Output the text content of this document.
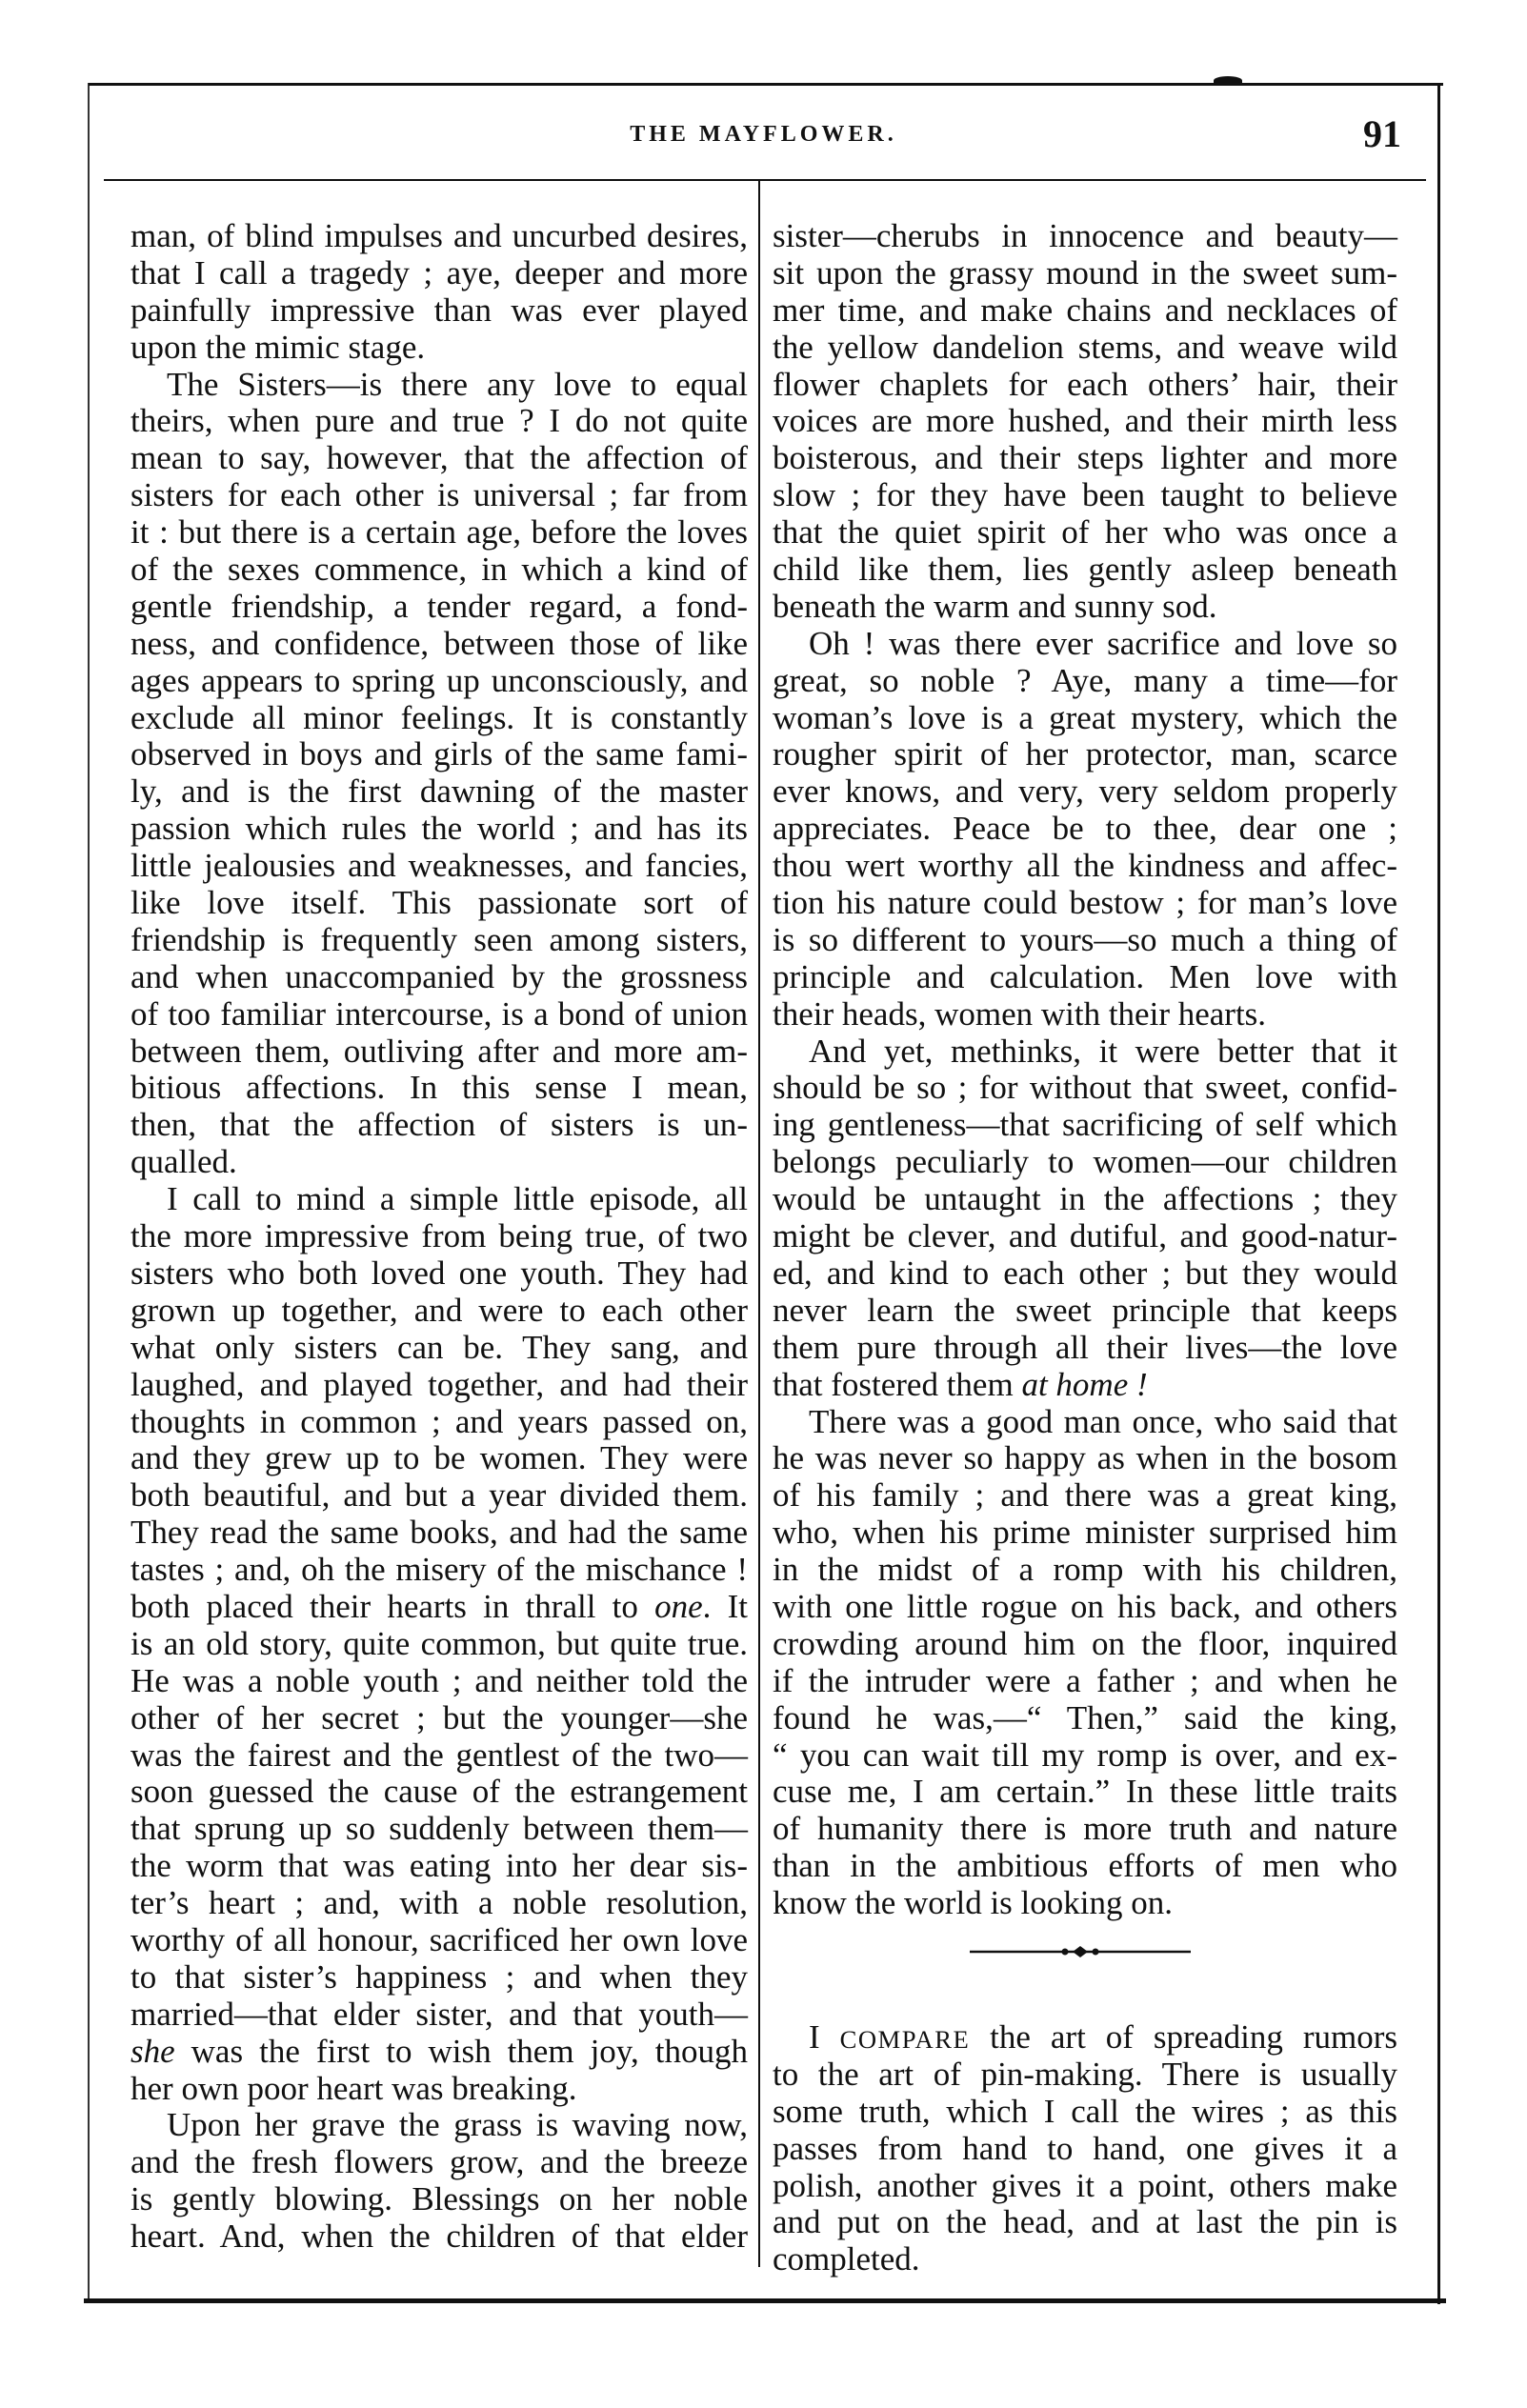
THE MAYFLOWER.	91
man, of blind impulses and uncurbed desires,
that I call a tragedy ; aye, deeper and more
painfully impressive than was ever played
upon the mimic stage.
The Sisters—is there any love to equal
theirs, when pure and true ? I do not quite
mean to say, however, that the affection of
sisters for each other is universal ; far from
it : but there is a certain age, before the loves
of the sexes commence, in which a kind of
gentle friendship, a tender regard, a fond-
ness, and confidence, between those of like
ages appears to spring up unconsciously, and
exclude all minor feelings. It is constantly
observed in boys and girls of the same fami-
ly, and is the first dawning of the master
passion which rules the world ; and has its
little jealousies and weaknesses, and fancies,
like love itself. This passionate sort of
friendship is frequently seen among sisters,
and when unaccompanied by the grossness
of too familiar intercourse, is a bond of union
between them, outliving after and more am-
bitious affections. In this sense I mean,
then, that the affection of sisters is un-
qualled.
I call to mind a simple little episode, all
the more impressive from being true, of two
sisters who both loved one youth. They had
grown up together, and were to each other
what only sisters can be. They sang, and
laughed, and played together, and had their
thoughts in common ; and years passed on,
and they grew up to be women. They were
both beautiful, and but a year divided them.
They read the same books, and had the same
tastes ; and, oh the misery of the mischance !
both placed their hearts in thrall to one. It
is an old story, quite common, but quite true.
He was a noble youth ; and neither told the
other of her secret ; but the younger—she
was the fairest and the gentlest of the two—
soon guessed the cause of the estrangement
that sprung up so suddenly between them—
the worm that was eating into her dear sis-
ter’s heart ; and, with a noble resolution,
worthy of all honour, sacrificed her own love
to that sister’s happiness ; and when they
married—that elder sister, and that youth—
she was the first to wish them joy, though
her own poor heart was breaking.
Upon her grave the grass is waving now,
and the fresh flowers grow, and the breeze
is gently blowing. Blessings on her noble
heart. And, when the children of that elder
sister—cherubs in innocence and beauty—
sit upon the grassy mound in the sweet sum-
mer time, and make chains and necklaces of
the yellow dandelion stems, and weave wild
flower chaplets for each others’ hair, their
voices are more hushed, and their mirth less
boisterous, and their steps lighter and more
slow ; for they have been taught to believe
that the quiet spirit of her who was once a
child like them, lies gently asleep beneath
beneath the warm and sunny sod.
Oh ! was there ever sacrifice and love so
great, so noble ? Aye, many a time—for
woman’s love is a great mystery, which the
rougher spirit of her protector, man, scarce
ever knows, and very, very seldom properly
appreciates. Peace be to thee, dear one ;
thou wert worthy all the kindness and affec-
tion his nature could bestow ; for man’s love
is so different to yours—so much a thing of
principle and calculation. Men love with
their heads, women with their hearts.
And yet, methinks, it were better that it
should be so ; for without that sweet, confid-
ing gentleness—that sacrificing of self which
belongs peculiarly to women—our children
would be untaught in the affections ; they
might be clever, and dutiful, and good-natur-
ed, and kind to each other ; but they would
never learn the sweet principle that keeps
them pure through all their lives—the love
that fostered them at home !
There was a good man once, who said that
he was never so happy as when in the bosom
of his family ; and there was a great king,
who, when his prime minister surprised him
in the midst of a romp with his children,
with one little rogue on his back, and others
crowding around him on the floor, inquired
if the intruder were a father ; and when he
found he was,—“ Then,” said the king,
“ you can wait till my romp is over, and ex-
cuse me, I am certain.” In these little traits
of humanity there is more truth and nature
than in the ambitious efforts of men who
know the world is looking on.
I COMPARE the art of spreading rumors
to the art of pin-making. There is usually
some truth, which I call the wires ; as this
passes from hand to hand, one gives it a
polish, another gives it a point, others make
and put on the head, and at last the pin is
completed.
